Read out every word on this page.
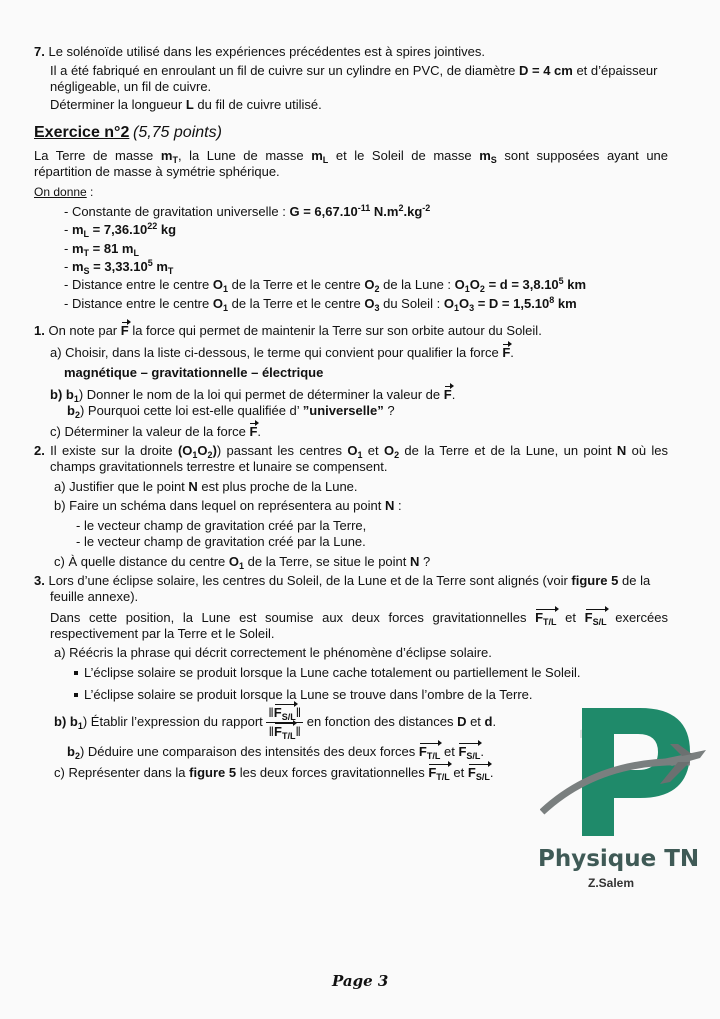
7. Le solénoïde utilisé dans les expériences précédentes est à spires jointives.
Il a été fabriqué en enroulant un fil de cuivre sur un cylindre en PVC, de diamètre D = 4 cm et d’épaisseur
négligeable, un fil de cuivre.
Déterminer la longueur L du fil de cuivre utilisé.
Exercice n°2 (5,75 points)
La Terre de masse $m_T$, la Lune de masse $m_L$ et le Soleil de masse $m_S$ sont supposées ayant une
répartition de masse à symétrie sphérique.
On donne :
- Constante de gravitation universelle : $G = 6,67.10^{-11}$ $N.m^2.kg^{-2}$
- $m_L = 7,36.10^{22}$ kg
- $m_T = 81$ $m_L$
- $m_S = 3,33.10^5$ $m_T$
- Distance entre le centre $O_1$ de la Terre et le centre $O_2$ de la Lune : $O_1O_2 = d = 3,8.10^5$ km
- Distance entre le centre $O_1$ de la Terre et le centre $O_3$ du Soleil : $O_1O_3 = D = 1,5.10^8$ km
1. On note par F la force qui permet de maintenir la Terre sur son orbite autour du Soleil.
a) Choisir, dans la liste ci-dessous, le terme qui convient pour qualifier la force F.
magnétique – gravitationnelle – électrique
b) $b_1$) Donner le nom de la loi qui permet de déterminer la valeur de F.
$b_2$) Pourquoi cette loi est-elle qualifiée d’ ”universelle” ?
c) Déterminer la valeur de la force F.
2. Il existe sur la droite $(O_1O_2)$) passant les centres $O_1$ et $O_2$ de la Terre et de la Lune, un point N où les
champs gravitationnels terrestre et lunaire se compensent.
a) Justifier que le point N est plus proche de la Lune.
b) Faire un schéma dans lequel on représentera au point N :
- le vecteur champ de gravitation créé par la Terre,
- le vecteur champ de gravitation créé par la Lune.
c) À quelle distance du centre $O_1$ de la Terre, se situe le point N ?
3. Lors d’une éclipse solaire, les centres du Soleil, de la Lune et de la Terre sont alignés (voir figure 5 de la
feuille annexe).
Dans cette position, la Lune est soumise aux deux forces gravitationnelles $F_{T/L}$ et $F_{S/L}$ exercées
respectivement par la Terre et le Soleil.
a) Réécris la phrase qui décrit correctement le phénomène d’éclipse solaire.
L’éclipse solaire se produit lorsque la Lune cache totalement ou partiellement le Soleil.
L’éclipse solaire se produit lorsque la Lune se trouve dans l’ombre de la Terre.
b) $b_1$) Établir l’expression du rapport $\frac{‖F_{S/L}‖}{‖F_{T/L}‖}$ en fonction des distances D et d.
$b_2$) Déduire une comparaison des intensités des deux forces $F_{T/L}$ et $F_{S/L}$.
c) Représenter dans la figure 5 les deux forces gravitationnelles $F_{T/L}$ et $F_{S/L}$.
Physique TN
Z.Salem
Page 3
